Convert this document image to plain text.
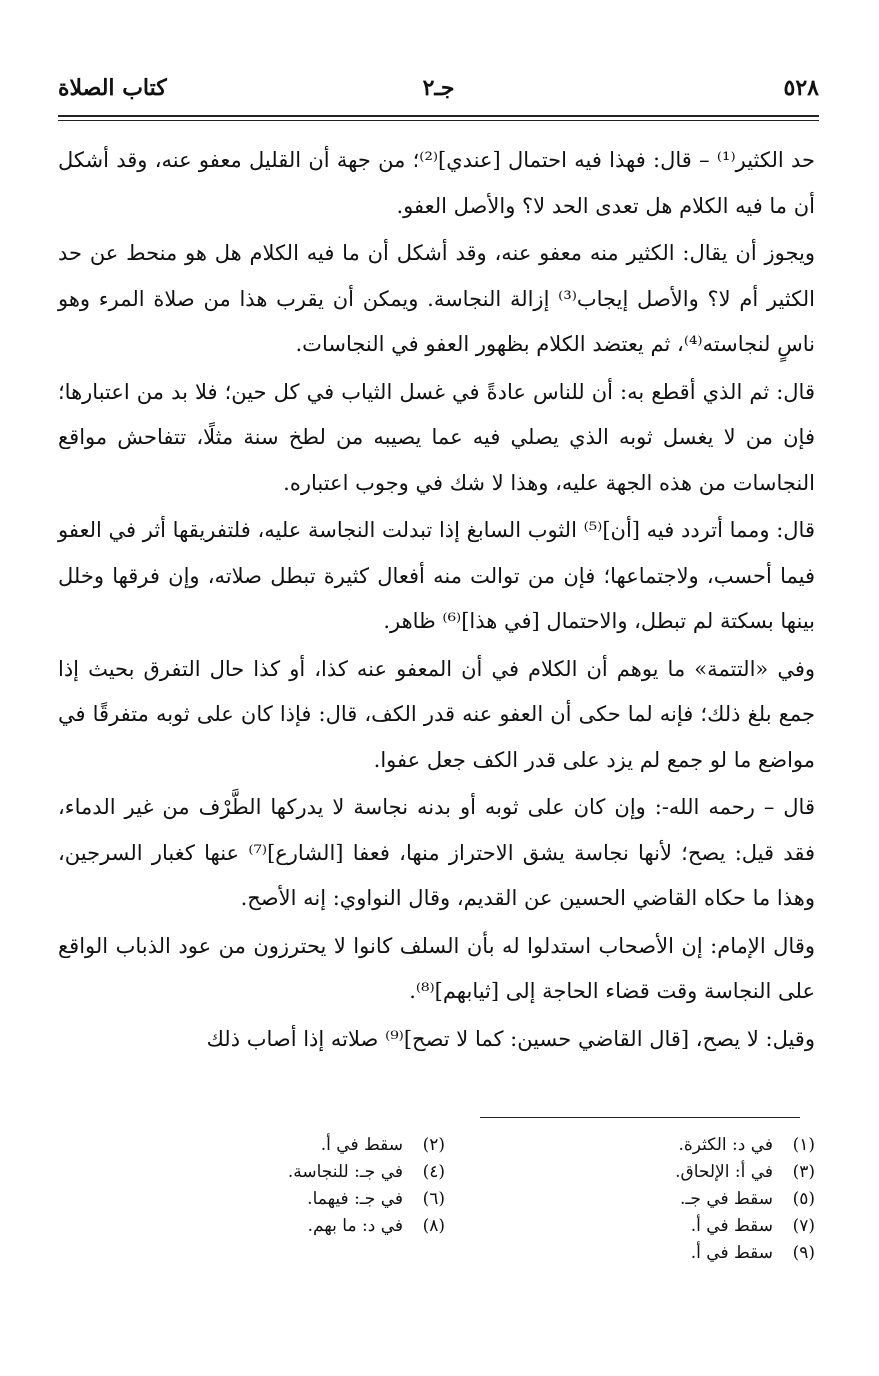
٥٢٨
جـ٢
كتاب الصلاة

حد الكثير⁽¹⁾ – قال: فهذا فيه احتمال [عندي]⁽²⁾؛ من جهة أن القليل معفو عنه، وقد أشكل أن ما فيه الكلام هل تعدى الحد لا؟ والأصل العفو.

ويجوز أن يقال: الكثير منه معفو عنه، وقد أشكل أن ما فيه الكلام هل هو منحط عن حد الكثير أم لا؟ والأصل إيجاب⁽³⁾ إزالة النجاسة. ويمكن أن يقرب هذا من صلاة المرء وهو ناسٍ لنجاسته⁽⁴⁾، ثم يعتضد الكلام بظهور العفو في النجاسات.

قال: ثم الذي أقطع به: أن للناس عادةً في غسل الثياب في كل حين؛ فلا بد من اعتبارها؛ فإن من لا يغسل ثوبه الذي يصلي فيه عما يصيبه من لطخ سنة مثلًا، تتفاحش مواقع النجاسات من هذه الجهة عليه، وهذا لا شك في وجوب اعتباره.

قال: ومما أتردد فيه [أن]⁽⁵⁾ الثوب السابغ إذا تبدلت النجاسة عليه، فلتفريقها أثر في العفو فيما أحسب، ولاجتماعها؛ فإن من توالت منه أفعال كثيرة تبطل صلاته، وإن فرقها وخلل بينها بسكتة لم تبطل، والاحتمال [في هذا]⁽⁶⁾ ظاهر.

وفي «التتمة» ما يوهم أن الكلام في أن المعفو عنه كذا، أو كذا حال التفرق بحيث إذا جمع بلغ ذلك؛ فإنه لما حكى أن العفو عنه قدر الكف، قال: فإذا كان على ثوبه متفرقًا في مواضع ما لو جمع لم يزد على قدر الكف جعل عفوا.

قال – رحمه الله-: وإن كان على ثوبه أو بدنه نجاسة لا يدركها الطَّرْف من غير الدماء، فقد قيل: يصح؛ لأنها نجاسة يشق الاحتراز منها، فعفا [الشارع]⁽⁷⁾ عنها كغبار السرجين، وهذا ما حكاه القاضي الحسين عن القديم، وقال النواوي: إنه الأصح.

وقال الإمام: إن الأصحاب استدلوا له بأن السلف كانوا لا يحترزون من عود الذباب الواقع على النجاسة وقت قضاء الحاجة إلى [ثيابهم]⁽⁸⁾.

وقيل: لا يصح، [قال القاضي حسين: كما لا تصح]⁽⁹⁾ صلاته إذا أصاب ذلك

(١)في د: الكثرة.
(٢)سقط في أ.
(٣)في أ: الإلحاق.
(٤)في جـ: للنجاسة.
(٥)سقط في جـ.
(٦)في جـ: فيهما.
(٧)سقط في أ.
(٨)في د: ما بهم.
(٩)سقط في أ.
